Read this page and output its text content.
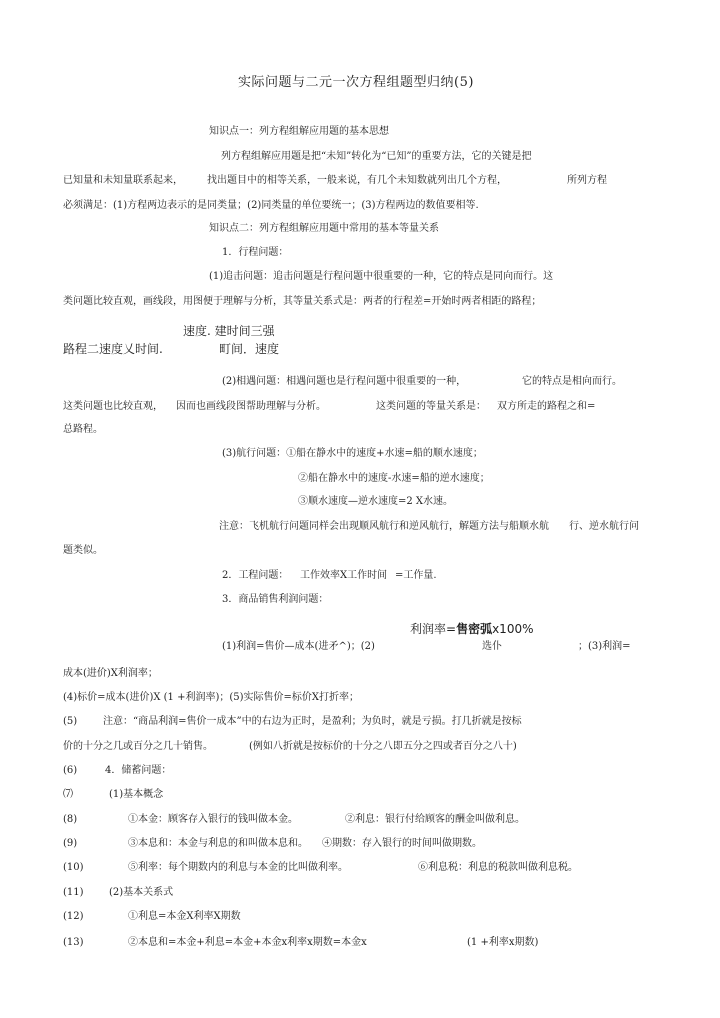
实际问题与二元一次方程组题型归纳(5)
知识点一：列方程组解应用题的基本思想
列方程组解应用题是把“未知”转化为“已知”的重要方法，它的关键是把
已知量和未知量联系起来， 找出题目中的相等关系，一般来说，有几个未知数就列出几个方程，	所列方程
必须满足：(1)方程两边表示的是同类量；(2)同类量的单位要统一；(3)方程两边的数值要相等.
知识点二：列方程组解应用题中常用的基本等量关系
1．行程问题：
(1)追击问题：追击问题是行程问题中很重要的一种，它的特点是同向而行。这
类问题比较直观，画线段，用图便于理解与分析，其等量关系式是：两者的行程差=开始时两者相距的路程；
速度. 建时间三强
路程二速度乂时间.	町间．速度
(2)相遇问题：相遇问题也是行程问题中很重要的一种，	它的特点是相向而行。
这类问题也比较直观， 因而也画线段图帮助理解与分析。	这类问题的等量关系是： 双方所走的路程之和=
总路程。
(3)航行问题：①船在静水中的速度+水速=船的顺水速度；
②船在静水中的速度-水速=船的逆水速度；
③顺水速度—逆水速度=2 X水速。
注意：飞机航行问题同样会出现顺风航行和逆风航行，解题方法与船顺水航 行、逆水航行问
题类似。
2．工程问题： 工作效率X工作时间 =工作量.
3．商品销售利润问题：
利润率=售密弧x100%
(1)利润=售价—成本(进矛^)；(2)	选仆	；(3)利润=
成本(进价)X利润率；
(4)标价=成本(进价)X (1 +利润率)；(5)实际售价=标价X打折率；
(5)	注意：“商品利润=售价一成本”中的右边为正时，是盈利；为负时，就是亏损。打几折就是按标
价的十分之几或百分之几十销售。	(例如八折就是按标价的十分之八即五分之四或者百分之八十)
(6)	4．储蓄问题：
⑺	(1)基本概念
(8)	①本金：顾客存入银行的钱叫做本金。	②利息：银行付给顾客的酬金叫做利息。
(9)	③本息和：本金与利息的和叫做本息和。 ④期数：存入银行的时间叫做期数。
(10)	⑤利率：每个期数内的利息与本金的比叫做利率。	⑥利息税：利息的税款叫做利息税。
(11)	(2)基本关系式
(12)	①利息=本金X利率X期数
(13)	②本息和=本金+利息=本金+本金x利率x期数=本金x	(1 +利率x期数)
